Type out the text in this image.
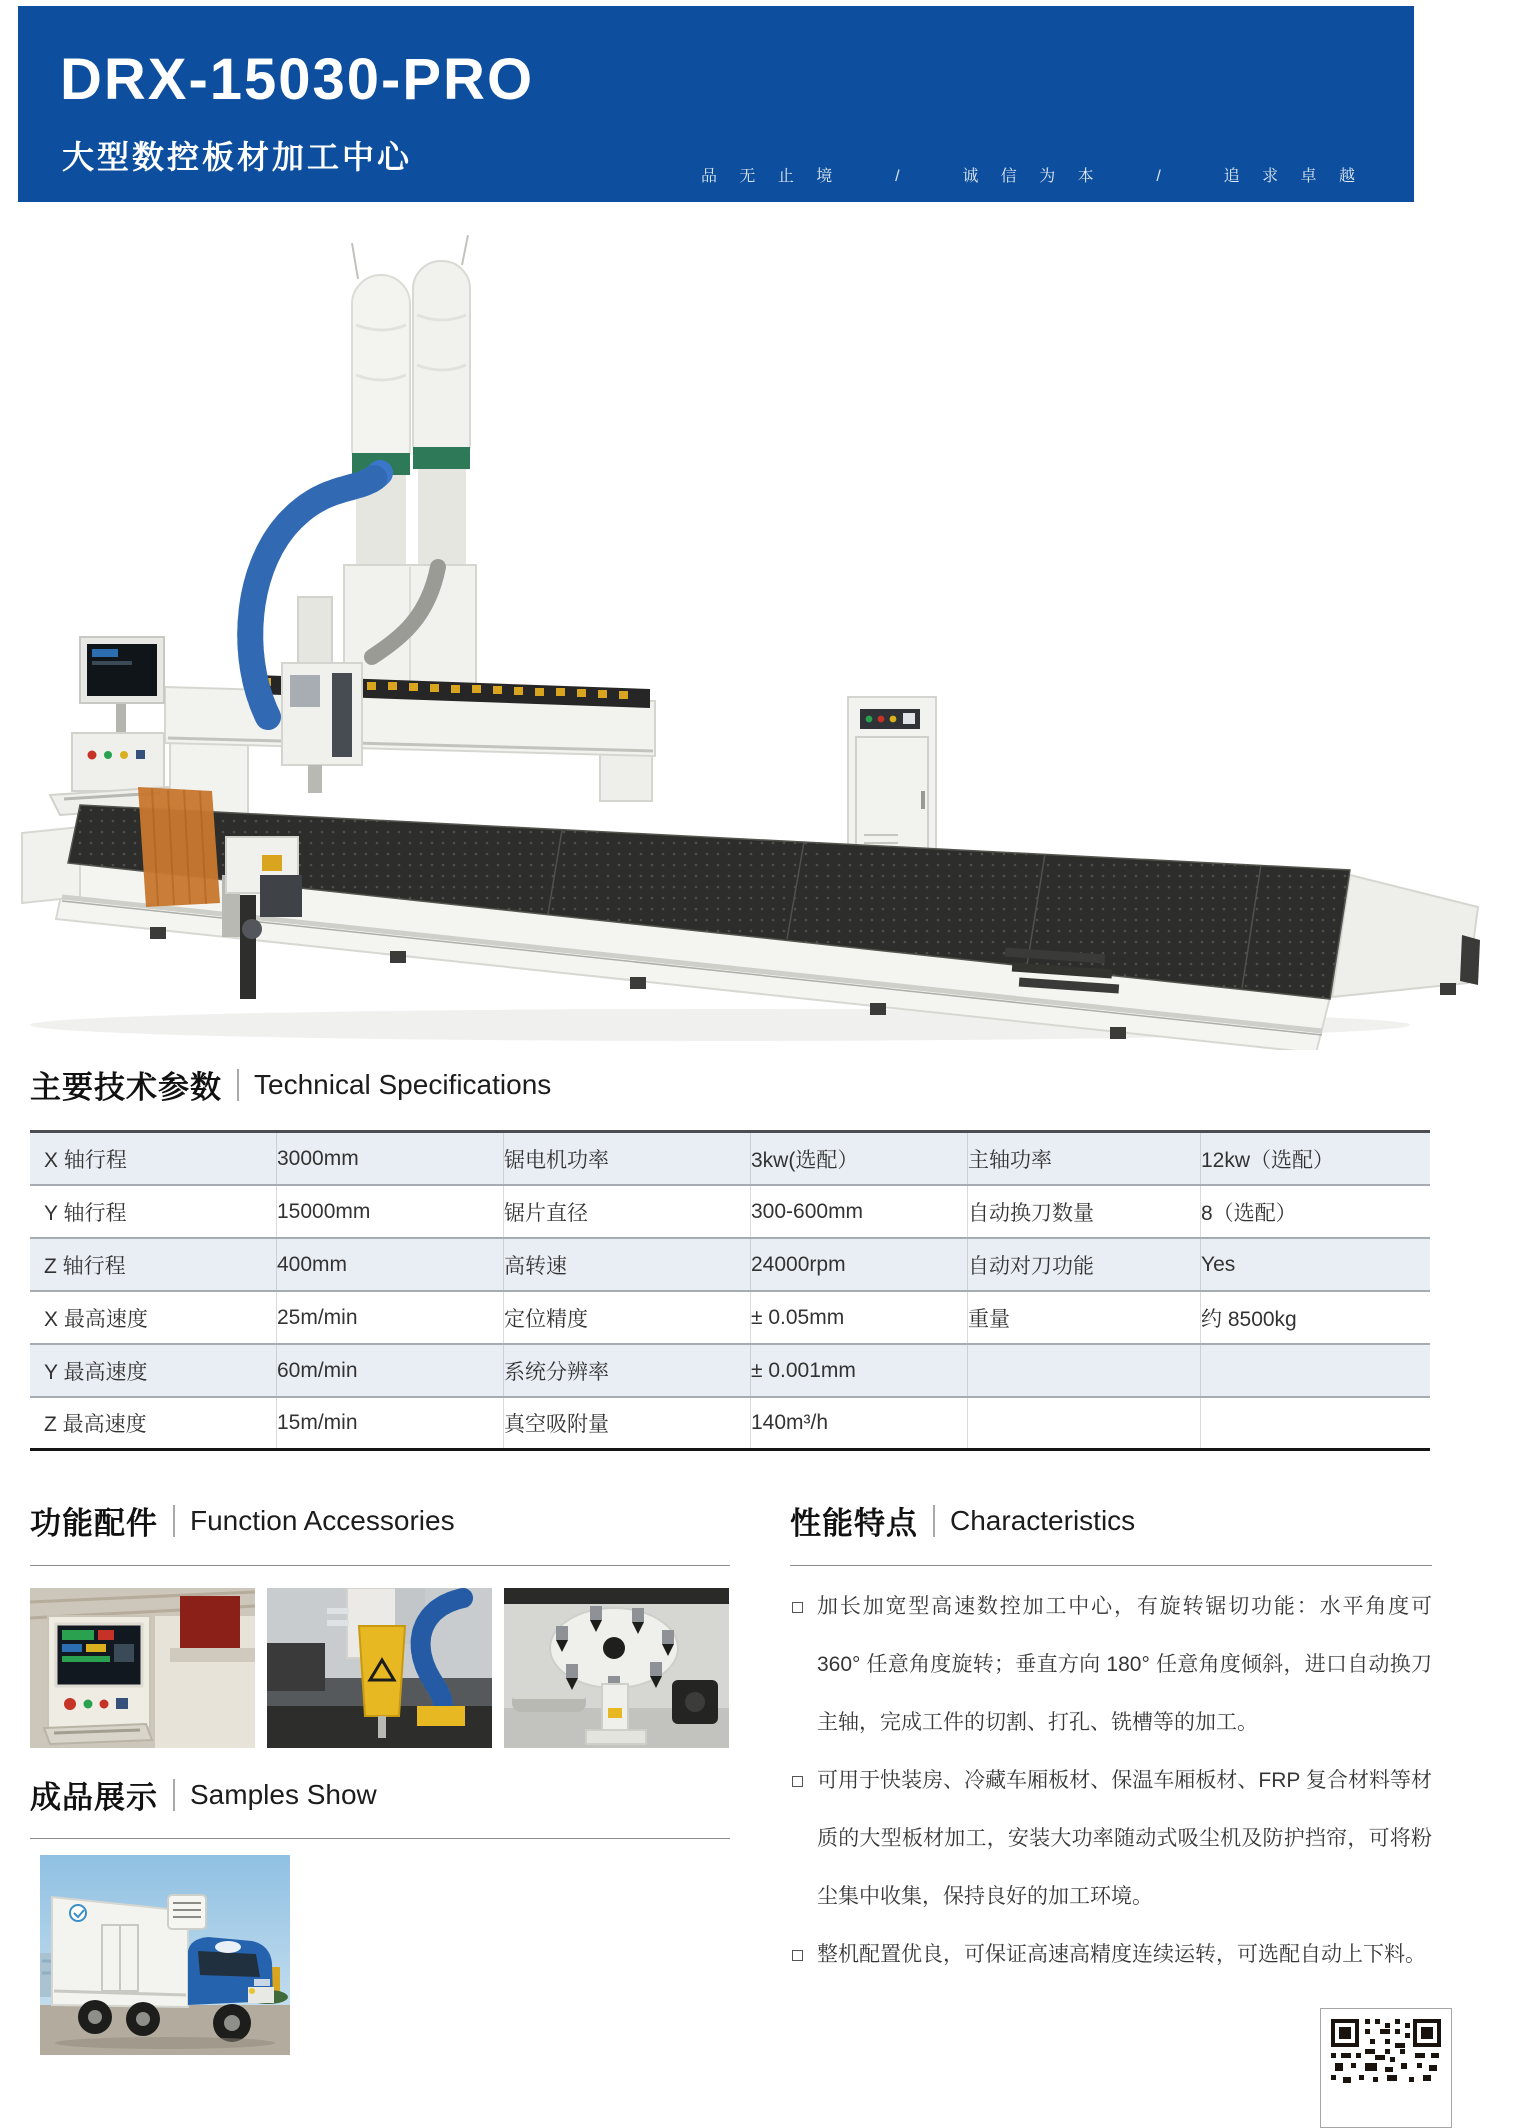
DRX-15030-PRO
大型数控板材加工中心
品 无 止 境    /    诚 信 为 本    /    追 求 卓 越
主要技术参数 Technical Specifications
X 轴行程	3000mm	锯电机功率	3kw(选配）	主轴功率	12kw（选配）
Y 轴行程	15000mm	锯片直径	300-600mm	自动换刀数量	8（选配）
Z 轴行程	400mm	高转速	24000rpm	自动对刀功能	Yes
X 最高速度	25m/min	定位精度	± 0.05mm	重量	约 8500kg
Y 最高速度	60m/min	系统分辨率	± 0.001mm
Z 最高速度	15m/min	真空吸附量	140m³/h
功能配件 Function Accessories	性能特点 Characteristics
加长加宽型高速数控加工中心，有旋转锯切功能：水平角度可 360° 任意角度旋转；垂直方向 180° 任意角度倾斜，进口自动换刀主轴，完成工件的切割、打孔、铣槽等的加工。
可用于快装房、冷藏车厢板材、保温车厢板材、FRP 复合材料等材质的大型板材加工，安装大功率随动式吸尘机及防护挡帘，可将粉尘集中收集，保持良好的加工环境。
整机配置优良，可保证高速高精度连续运转，可选配自动上下料。
成品展示 Samples Show
